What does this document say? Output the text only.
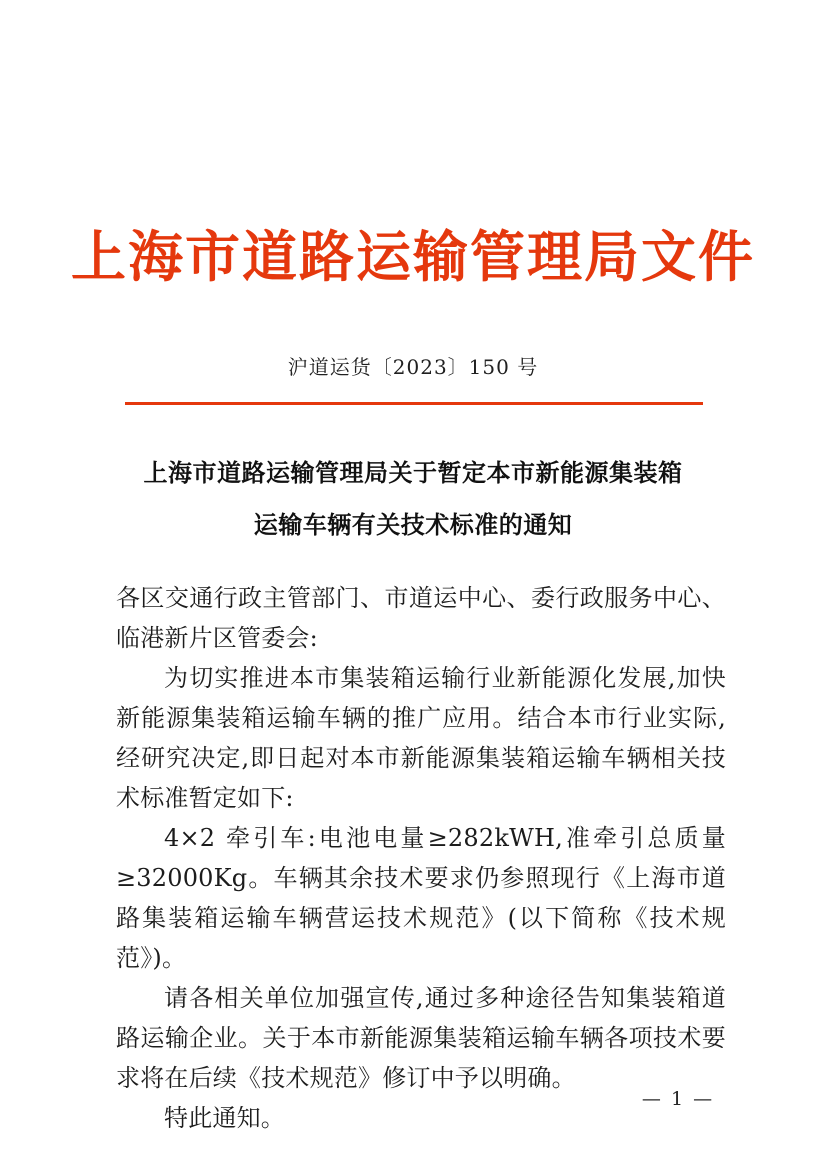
上海市道路运输管理局文件
沪道运货〔2023〕150 号
上海市道路运输管理局关于暂定本市新能源集装箱
运输车辆有关技术标准的通知

各区交通行政主管部门、市道运中心、委行政服务中心、临港新片区管委会:

为切实推进本市集装箱运输行业新能源化发展,加快新能源集装箱运输车辆的推广应用。结合本市行业实际,经研究决定,即日起对本市新能源集装箱运输车辆相关技术标准暂定如下:

4×2 牵引车:电池电量≥282kWH,准牵引总质量≥32000Kg。车辆其余技术要求仍参照现行《上海市道路集装箱运输车辆营运技术规范》(以下简称《技术规范》)。

请各相关单位加强宣传,通过多种途径告知集装箱道路运输企业。关于本市新能源集装箱运输车辆各项技术要求将在后续《技术规范》修订中予以明确。

特此通知。

— 1 —
